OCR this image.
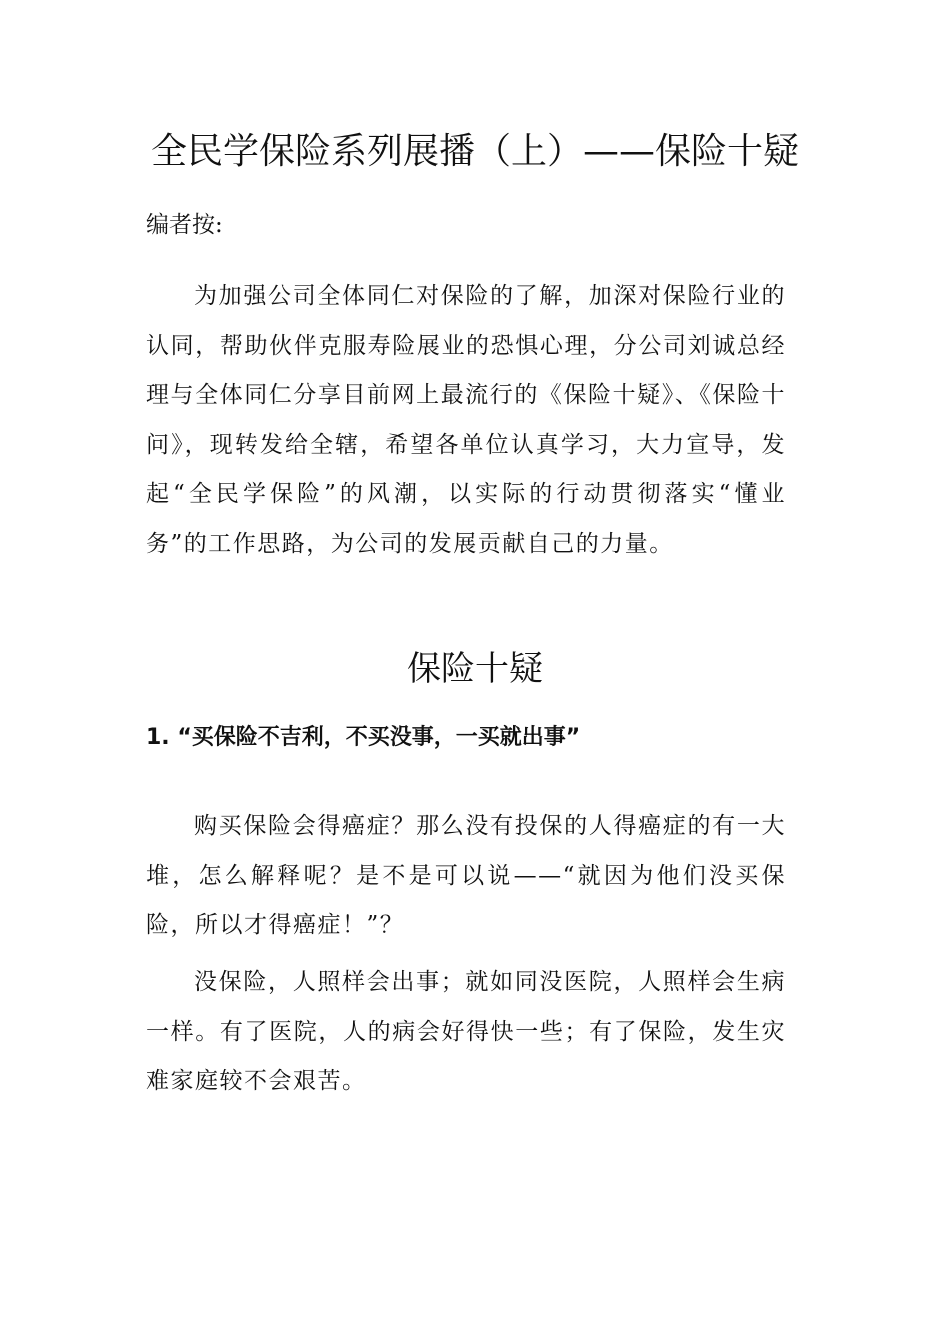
全民学保险系列展播（上）——保险十疑
编者按:
为加强公司全体同仁对保险的了解，加深对保险行业的认同，帮助伙伴克服寿险展业的恐惧心理，分公司刘诚总经理与全体同仁分享目前网上最流行的《保险十疑》、《保险十问》，现转发给全辖，希望各单位认真学习，大力宣导，发起“全民学保险”的风潮，以实际的行动贯彻落实“懂业务”的工作思路，为公司的发展贡献自己的力量。
保险十疑
1. “买保险不吉利，不买没事，一买就出事”
购买保险会得癌症？那么没有投保的人得癌症的有一大堆，怎么解释呢？是不是可以说——“就因为他们没买保险，所以才得癌症！”？
没保险，人照样会出事；就如同没医院，人照样会生病一样。有了医院，人的病会好得快一些；有了保险，发生灾难家庭较不会艰苦。
